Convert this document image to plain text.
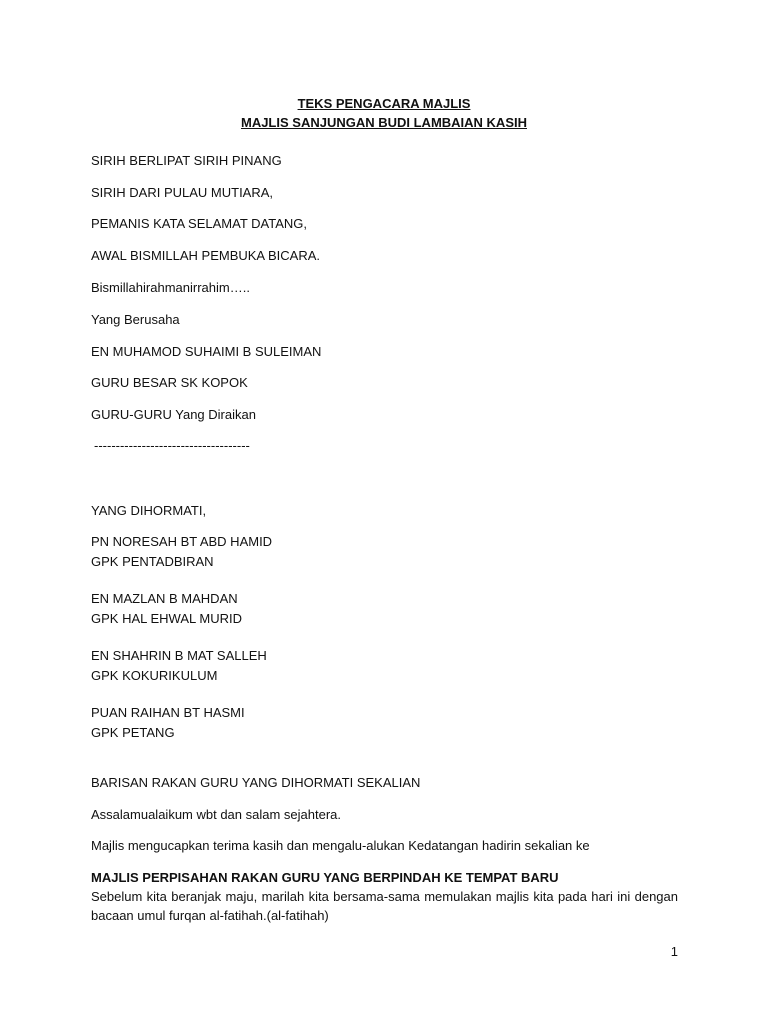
TEKS PENGACARA MAJLIS
MAJLIS SANJUNGAN BUDI LAMBAIAN KASIH
SIRIH BERLIPAT SIRIH PINANG
SIRIH DARI PULAU MUTIARA,
PEMANIS KATA SELAMAT DATANG,
AWAL BISMILLAH PEMBUKA BICARA.
Bismillahirahmanirrahim…..
Yang Berusaha
EN MUHAMOD SUHAIMI B SULEIMAN
GURU BESAR SK KOPOK
GURU-GURU Yang Diraikan
------------------------------------
YANG DIHORMATI,
PN NORESAH BT ABD HAMID
GPK PENTADBIRAN
EN MAZLAN B MAHDAN
GPK HAL EHWAL MURID
EN SHAHRIN B MAT SALLEH
GPK KOKURIKULUM
PUAN RAIHAN BT HASMI
GPK PETANG
BARISAN RAKAN GURU YANG DIHORMATI SEKALIAN
Assalamualaikum wbt dan salam sejahtera.
Majlis mengucapkan terima kasih dan mengalu-alukan Kedatangan hadirin sekalian ke
MAJLIS PERPISAHAN RAKAN GURU YANG BERPINDAH KE TEMPAT BARU
Sebelum kita beranjak maju, marilah kita bersama-sama memulakan majlis kita pada hari ini dengan bacaan umul furqan al-fatihah.(al-fatihah)
1
